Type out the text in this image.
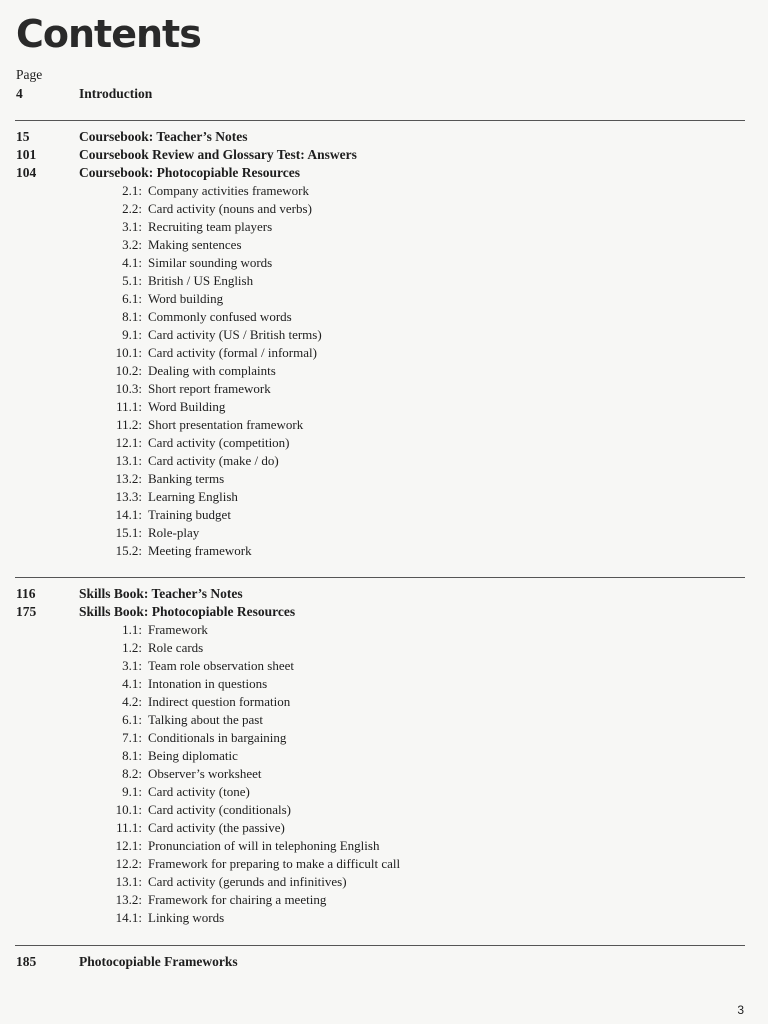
Contents
Page
4	Introduction
15	Coursebook: Teacher’s Notes
101	Coursebook Review and Glossary Test: Answers
104	Coursebook: Photocopiable Resources
2.1: Company activities framework
2.2: Card activity (nouns and verbs)
3.1: Recruiting team players
3.2: Making sentences
4.1: Similar sounding words
5.1: British / US English
6.1: Word building
8.1: Commonly confused words
9.1: Card activity (US / British terms)
10.1: Card activity (formal / informal)
10.2: Dealing with complaints
10.3: Short report framework
11.1: Word Building
11.2: Short presentation framework
12.1: Card activity (competition)
13.1: Card activity (make / do)
13.2: Banking terms
13.3: Learning English
14.1: Training budget
15.1: Role-play
15.2: Meeting framework
116	Skills Book: Teacher’s Notes
175	Skills Book: Photocopiable Resources
1.1: Framework
1.2: Role cards
3.1: Team role observation sheet
4.1: Intonation in questions
4.2: Indirect question formation
6.1: Talking about the past
7.1: Conditionals in bargaining
8.1: Being diplomatic
8.2: Observer’s worksheet
9.1: Card activity (tone)
10.1: Card activity (conditionals)
11.1: Card activity (the passive)
12.1: Pronunciation of will in telephoning English
12.2: Framework for preparing to make a difficult call
13.1: Card activity (gerunds and infinitives)
13.2: Framework for chairing a meeting
14.1: Linking words
185	Photocopiable Frameworks
3
